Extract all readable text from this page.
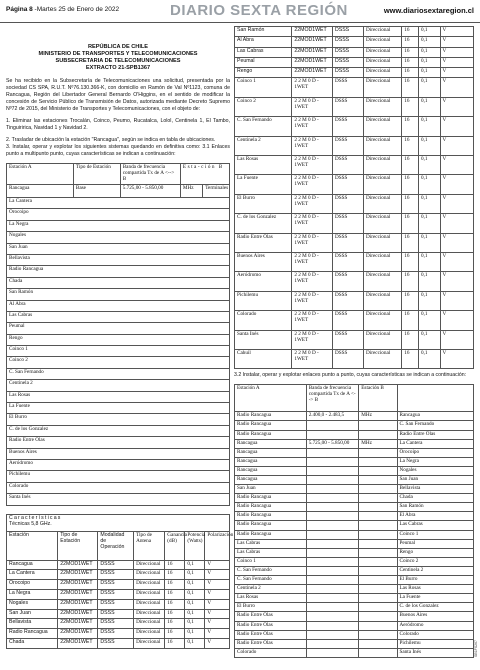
Página 8 -Martes 25 de Enero de 2022	DIARIO SEXTA REGIÓN	www.diariosextaregion.cl
REPÚBLICA DE CHILE
MINISTERIO DE TRANSPORTES Y TELECOMUNICACIONES
SUBSECRETARIA DE TELECOMUNICACIONES
EXTRACTO 21-SPB1367

Se ha recibido en la Subsecretaría de Telecomunicaciones una solicitud, presentada por la sociedad CS SPA, R.U.T. Nº76.130.366-K, con domicilio en Ramón de Val Nº1123, comuna de Rancagua, Región del Libertador General Bernardo O'Higgins, en el sentido de modificar la concesión de Servicio Público de Transmisión de Datos, autorizada mediante Decreto Supremo Nº72 de 2015, del Ministerio de Transportes y Telecomunicaciones, con el objeto de:

1. Eliminar las estaciones Trocalán, Coinco, Peumo, Rucatalca, Lolol, Centinela 1, El Tambo, Tinguiririca, Navidad 1 y Navidad 2.

2. Trasladar de ubicación la estación "Rancagua", según se indica en tabla de ubicaciones.

3. Instalar, operar y explotar los siguientes sistemas quedando en definitiva como: 3.1 Enlaces punto a multipunto punto, cuyas características se indican a continuación:

Estación A	Tipo de Estación	Banda de frecuencia compartida Tx de A <--> B	Esta-ción B	
Rancagua	Base	5.725,00 - 5.850,00	MHz	Terminales
La Cantera				
Orocoipo				
La Negra				
Nogales				
San Juan				
Bellavista				
Radio Rancagua				
Chada				
San Ramón				
Al Abra				
Las Cabras				
Peumal				
Rengo				
Coinco 1				
Coinco 2				
C. San Fernando				
Centinela 2				
Las Rosas				
La Fuente				
El Burro				
C. de los Gonzalez				
Radio Entre Olas				
Buenos Aires				
Aeródromo				
Pichilemu				
Colorado				
Santa Inés				
Características
Técnicas 5,8 GHz.						

Estación	Tipo de Estación	Modalidad de Operación	Tipo de Antena	Ganancia (dB)	Potencia (Watts)	Polarización
Rancagua	22MOD1WET	DSSS	Direccional	16	0,1	V
La Cantera	22MOD1WET	DSSS	Direccional	16	0,1	V
Orocoipo	22MOD1WET	DSSS	Direccional	16	0,1	V
La Negra	22MOD1WET	DSSS	Direccional	16	0,1	V
Nogales	22MOD1WET	DSSS	Direccional	16	0,1	V
San Juan	22MOD1WET	DSSS	Direccional	16	0,1	V
Bellavista	22MOD1WET	DSSS	Direccional	16	0,1	V
Radio Rancagua	22MOD1WET	DSSS	Direccional	16	0,1	V
Chada	22MOD1WET	DSSS	Direccional	16	0,1	V
San Ramón	22MOD1WET	DSSS	Direccional	16	0,1	V
Al Abra	22MOD1WET	DSSS	Direccional	16	0,1	V
Las Cabras	22MOD1WET	DSSS	Direccional	16	0,1	V
Peumal	22MOD1WET	DSSS	Direccional	16	0,1	V
Rengo	22MOD1WET	DSSS	Direccional	16	0,1	V
Coinco 1	2 2 M 0 D - 1WET	DSSS	Direccional	16	0,1	V
Coinco 2	2 2 M 0 D - 1WET	DSSS	Direccional	16	0,1	V
C. San Fernando	2 2 M 0 D - 1WET	DSSS	Direccional	16	0,1	V
Centinela 2	2 2 M 0 D - 1WET	DSSS	Direccional	16	0,1	V
Las Rosas	2 2 M 0 D - 1WET	DSSS	Direccional	16	0,1	V
La Fuente	2 2 M 0 D - 1WET	DSSS	Direccional	16	0,1	V
El Burro	2 2 M 0 D - 1WET	DSSS	Direccional	16	0,1	V
C. de los Gonzalez	2 2 M 0 D - 1WET	DSSS	Direccional	16	0,1	V
Radio Entre Olas	2 2 M 0 D - 1WET	DSSS	Direccional	16	0,1	V
Buenos Aires	2 2 M 0 D - 1WET	DSSS	Direccional	16	0,1	V
Aeródromo	2 2 M 0 D - 1WET	DSSS	Direccional	16	0,1	V
Pichilemu	2 2 M 0 D - 1WET	DSSS	Direccional	16	0,1	V
Colorado	2 2 M 0 D - 1WET	DSSS	Direccional	16	0,1	V
Santa Inés	2 2 M 0 D - 1WET	DSSS	Direccional	16	0,1	V
Cahuil	2 2 M 0 D - 1WET	DSSS	Direccional	16	0,1	V

3.2 Instalar, operar y explotar enlaces punto a punto, cuyas características se indican a continuación:

Estación A	Banda de frecuencia compartida Tx de A <--> B	Estación B	
Radio Rancagua	2.400,0 - 2.483,5	MHz	Rancagua
Radio Rancagua			C. San Fernando
Radio Rancagua			Radio Entre Olas
Rancagua	5.725,00 - 5.850,00	MHz	La Cantera
Rancagua			Orocoipo
Rancagua			La Negra
Rancagua			Nogales
Rancagua			San Juan
San Juan			Bellavista
Radio Rancagua			Chada
Radio Rancagua			San Ramón
Radio Rancagua			El Abra
Radio Rancagua			Las Cabras
Radio Rancagua			Coinco 1
Las Cabras			Peumal
Las Cabras			Rengo
Coinco 1			Coinco 2
C. San Fernando			Centinela 2
C. San Fernando			El Burro
Centinela 2			Las Rosas
Las Rosas			La Fuente
El Burro			C. de los Gonzalez
Radio Entre Olas			Buenos Aires
Radio Entre Olas			Aeródromo
Radio Entre Olas			Colorado
Radio Entre Olas			Pichilemu
Colorado			Santa Inés	SB1FS267
